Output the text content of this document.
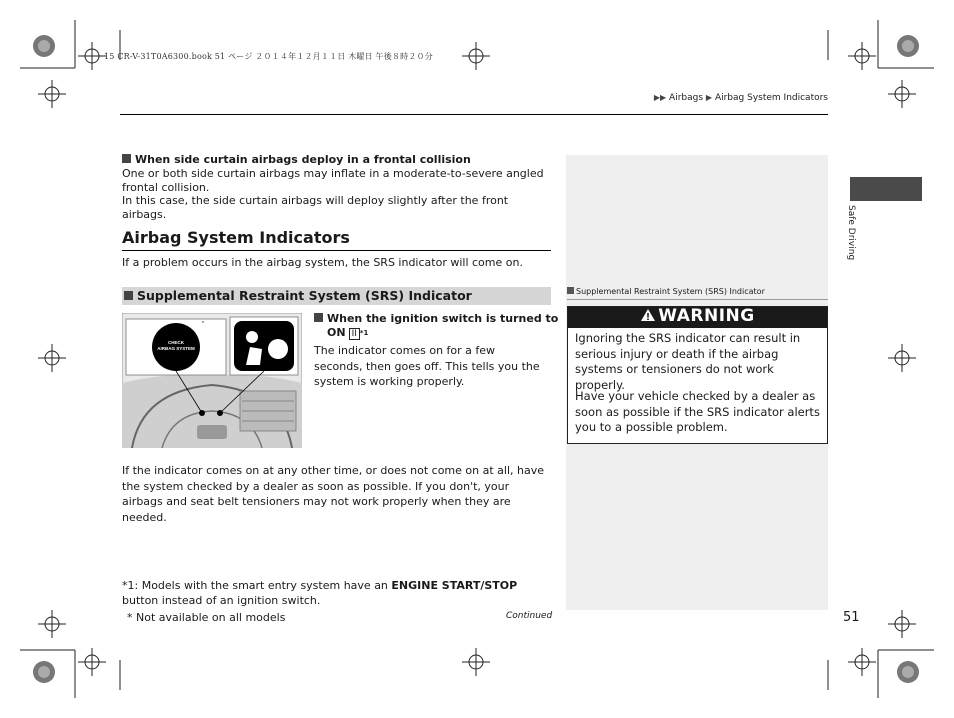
15 CR-V-31T0A6300.book 51 ページ ２０１４年１２月１１日 木曜日 午後８時２０分
▶▶ Airbags ▶ Airbag System Indicators
Safe Driving
When side curtain airbags deploy in a frontal collision
One or both side curtain airbags may inflate in a moderate-to-severe angled frontal collision.
In this case, the side curtain airbags will deploy slightly after the front airbags.
Airbag System Indicators
If a problem occurs in the airbag system, the SRS indicator will come on.
Supplemental Restraint System (SRS) Indicator
CHECK
AIRBAG SYSTEM
*	When the ignition switch is turned to
ON II $^{*1}$
The indicator comes on for a few seconds, then goes off. This tells you the system is working properly.
If the indicator comes on at any other time, or does not come on at all, have the system checked by a dealer as soon as possible. If you don't, your airbags and seat belt tensioners may not work properly when they are needed.
*1: Models with the smart entry system have an ENGINE START/STOP button instead of an ignition switch.
* Not available on all models	Continued
Supplemental Restraint System (SRS) Indicator
WARNING
Ignoring the SRS indicator can result in serious injury or death if the airbag systems or tensioners do not work properly.
Have your vehicle checked by a dealer as soon as possible if the SRS indicator alerts you to a possible problem.
51
